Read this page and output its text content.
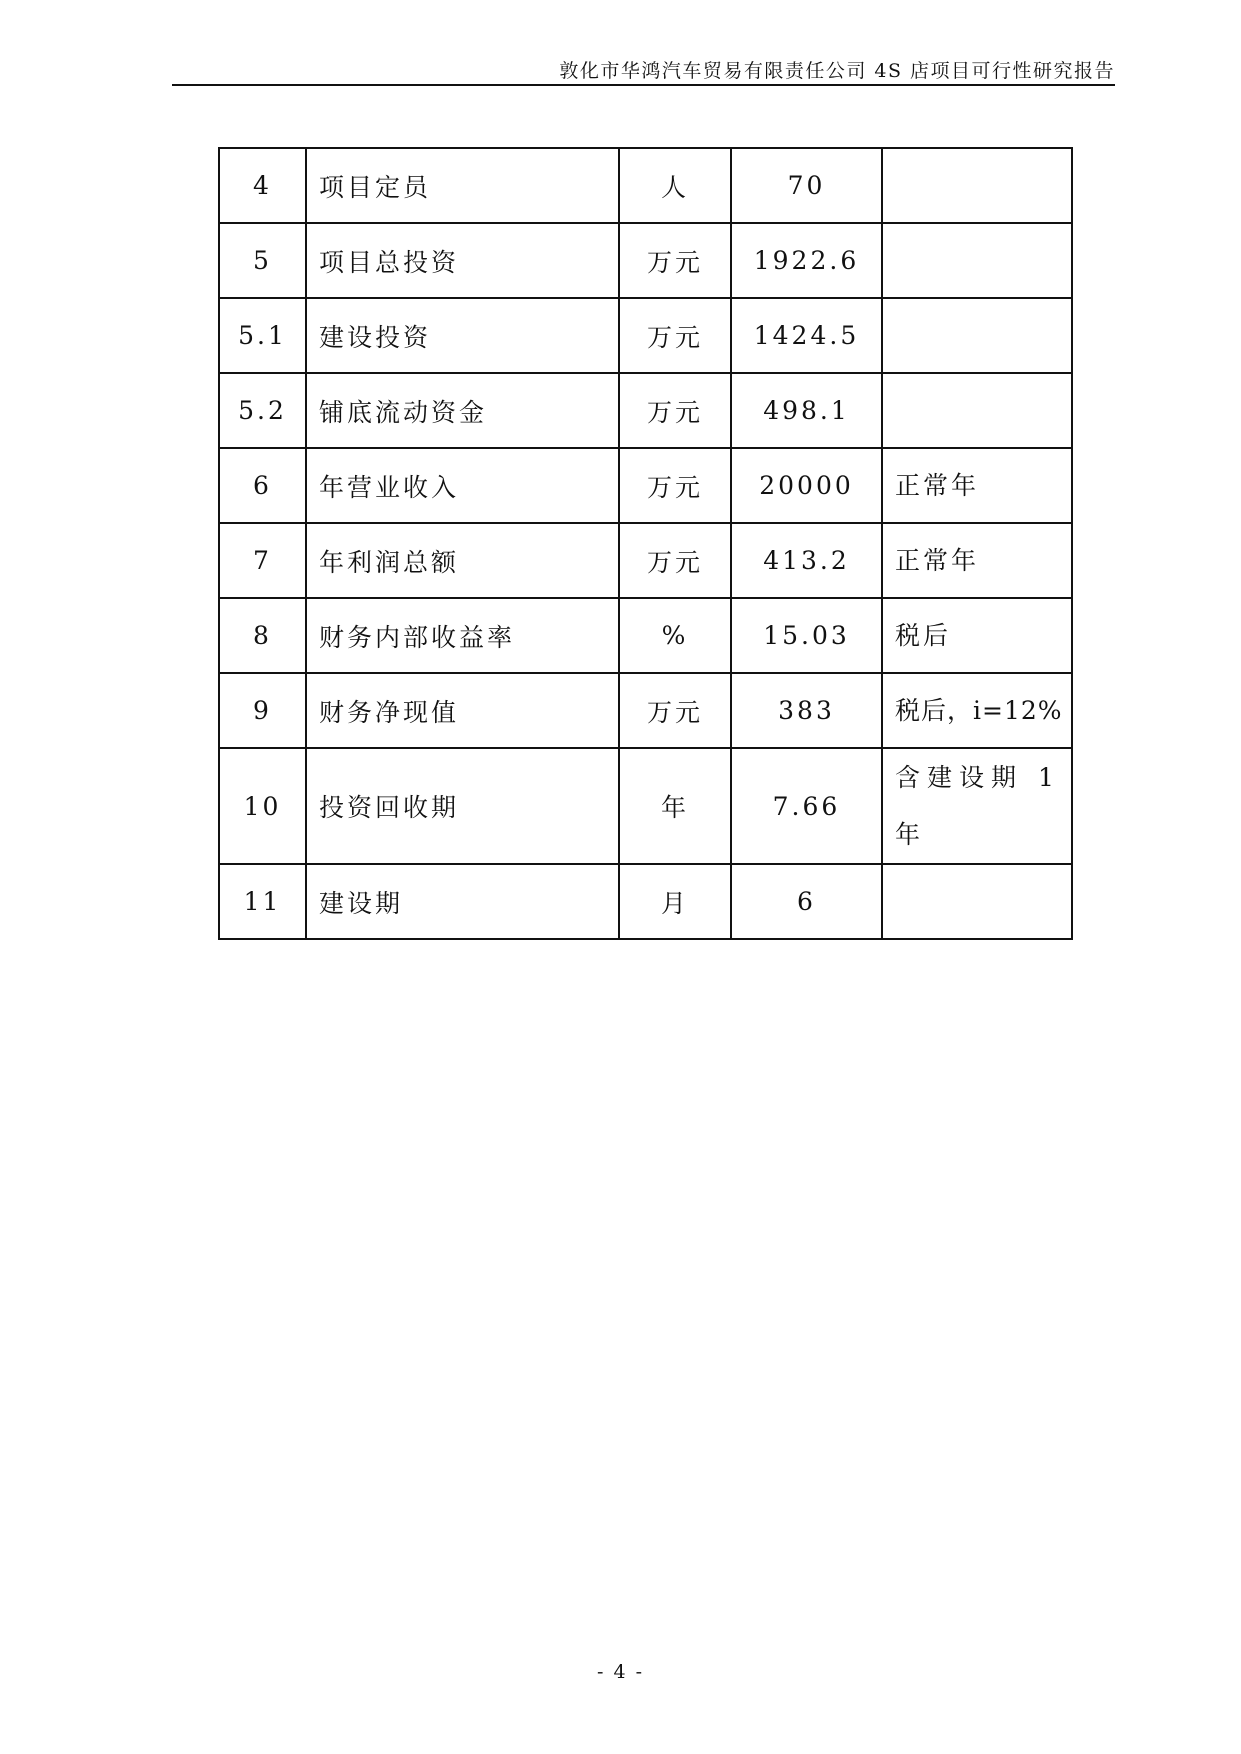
敦化市华鸿汽车贸易有限责任公司 4S 店项目可行性研究报告
4	项目定员	人	70	
5	项目总投资	万元	1922.6	
5.1	建设投资	万元	1424.5	
5.2	铺底流动资金	万元	498.1	
6	年营业收入	万元	20000	正常年
7	年利润总额	万元	413.2	正常年
8	财务内部收益率	%	15.03	税后
9	财务净现值	万元	383	税后，i=12%
10	投资回收期	年	7.66	含建设期 1 年
11	建设期	月	6	
- 4 -
